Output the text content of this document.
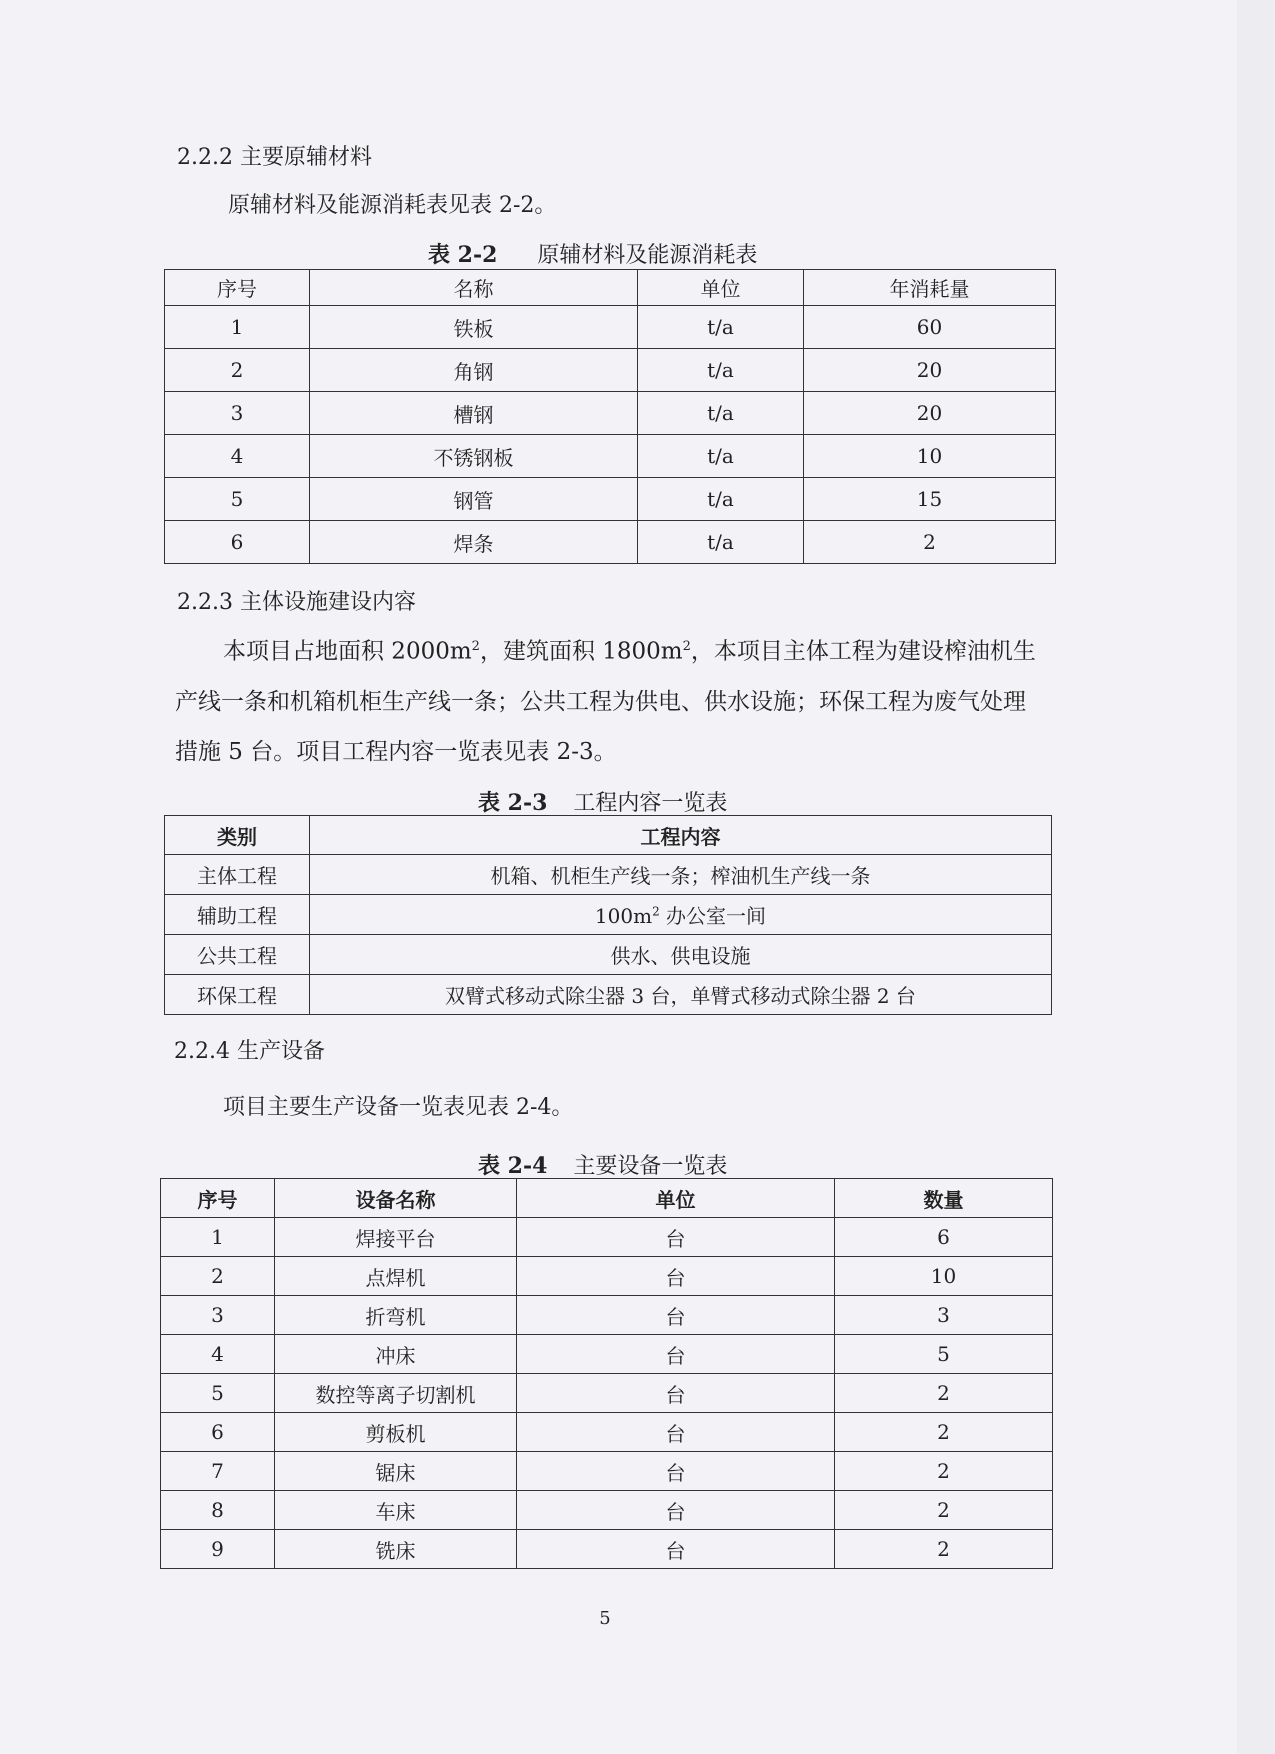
2.2.2 主要原辅材料
原辅材料及能源消耗表见表 2-2。
表 2-2 原辅材料及能源消耗表
序号	名称	单位	年消耗量
1	铁板	t/a	60
2	角钢	t/a	20
3	槽钢	t/a	20
4	不锈钢板	t/a	10
5	钢管	t/a	15
6	焊条	t/a	2
2.2.3 主体设施建设内容
本项目占地面积 $2000m^2$，建筑面积 $1800m^2$，本项目主体工程为建设榨油机生产线一条和机箱机柜生产线一条；公共工程为供电、供水设施；环保工程为废气处理措施 5 台。项目工程内容一览表见表 2-3。
表 2-3 工程内容一览表
类别	工程内容
主体工程	机箱、机柜生产线一条；榨油机生产线一条
辅助工程	$100m^2$ 办公室一间
公共工程	供水、供电设施
环保工程	双臂式移动式除尘器 3 台，单臂式移动式除尘器 2 台
2.2.4 生产设备
项目主要生产设备一览表见表 2-4。
表 2-4 主要设备一览表
序号	设备名称	单位	数量
1	焊接平台	台	6
2	点焊机	台	10
3	折弯机	台	3
4	冲床	台	5
5	数控等离子切割机	台	2
6	剪板机	台	2
7	锯床	台	2
8	车床	台	2
9	铣床	台	2
5
